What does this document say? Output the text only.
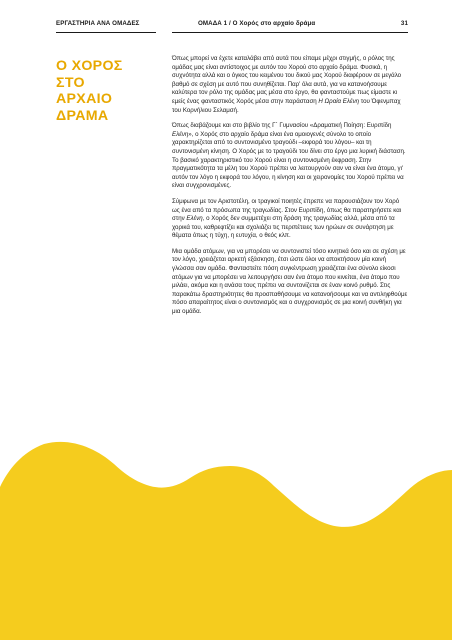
ΕΡΓΑΣΤΗΡΙΑ ΑΝΑ ΟΜΑΔΕΣ	ΟΜΑΔΑ 1 / Ο Χορός στο αρχαίο δράμα	31
Ο ΧΟΡΟΣ
ΣΤΟ
ΑΡΧΑΙΟ
ΔΡΑΜΑ

Όπως μπορεί να έχετε καταλάβει από αυτά που είπαμε μέχρι στιγμής, ο ρόλος της ομάδας μας είναι αντίστοιχος με αυτόν του Χορού στο αρχαίο δράμα. Φυσικά, η συχνότητα αλλά και ο όγκος του κειμένου του δικού μας Χορού διαφέρουν σε μεγάλο βαθμό σε σχέση με αυτό που συνηθίζεται. Παρ' όλα αυτά, για να κατανοήσουμε καλύτερα τον ρόλο της ομάδας μας μέσα στο έργο, θα φανταστούμε πως είμαστε κι εμείς ένας φανταστικός Χορός μέσα στην παράσταση Η Ωραία Ελένη του Όφενμπαχ του Κορνήλιου Σελαμσή.

Όπως διαβάζουμε και στο βιβλίο της Γ΄ Γυμνασίου «Δραματική Ποίηση: Ευριπίδη Ελένη», ο Χορός στο αρχαίο δράμα είναι ένα ομοιογενές σύνολο το οποίο χαρακτηρίζεται από το συντονισμένο τραγούδι –εκφορά του λόγου– και τη συντονισμένη κίνηση. Ο Χορός με το τραγούδι του δίνει στο έργο μια λυρική διάσταση. Το βασικό χαρακτηριστικό του Χορού είναι η συντονισμένη έκφραση. Στην πραγματικότητα τα μέλη του Χορού πρέπει να λειτουργούν σαν να είναι ένα άτομο, γι' αυτόν τον λόγο η εκφορά του λόγου, η κίνηση και οι χειρονομίες του Χορού πρέπει να είναι συγχρονισμένες.

Σύμφωνα με τον Αριστοτέλη, οι τραγικοί ποιητές έπρεπε να παρουσιάζουν τον Χορό ως ένα από τα πρόσωπα της τραγωδίας. Στον Ευριπίδη, όπως θα παρατηρήσετε και στην Ελένη, ο Χορός δεν συμμετέχει στη δράση της τραγωδίας αλλά, μέσα από τα χορικά του, καθρεφτίζει και σχολιάζει τις περιπέτειες των ηρώων σε συνάρτηση με θέματα όπως η τύχη, η ευτυχία, ο θεός κλπ.

Μια ομάδα ατόμων, για να μπορέσει να συντονιστεί τόσο κινητικά όσο και σε σχέση με τον λόγο, χρειάζεται αρκετή εξάσκηση, έτσι ώστε όλοι να αποκτήσουν μία κοινή γλώσσα σαν ομάδα. Φανταστείτε πόση συγκέντρωση χρειάζεται ένα σύνολο είκοσι ατόμων για να μπορέσει να λειτουργήσει σαν ένα άτομο που κινείται, ένα άτομο που μιλάει, ακόμα και η ανάσα τους πρέπει να συντονίζεται σε έναν κοινό ρυθμό. Στις παρακάτω δραστηριότητες θα προσπαθήσουμε να κατανοήσουμε και να αντιληφθούμε πόσο απαραίτητος είναι ο συντονισμός και ο συγχρονισμός σε μια κοινή συνθήκη για μια ομάδα.
